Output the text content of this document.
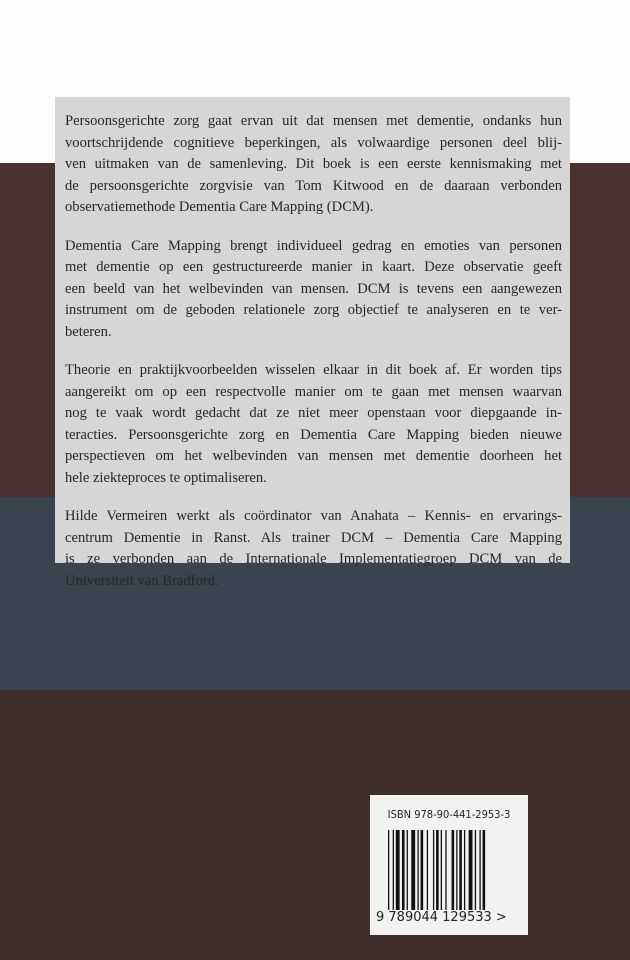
Persoonsgerichte zorg gaat ervan uit dat mensen met dementie, ondanks hun
voortschrijdende cognitieve beperkingen, als volwaardige personen deel blij-
ven uitmaken van de samenleving. Dit boek is een eerste kennismaking met
de persoonsgerichte zorgvisie van Tom Kitwood en de daaraan verbonden
observatiemethode Dementia Care Mapping (DCM).
Dementia Care Mapping brengt individueel gedrag en emoties van personen
met dementie op een gestructureerde manier in kaart. Deze observatie geeft
een beeld van het welbevinden van mensen. DCM is tevens een aangewezen
instrument om de geboden relationele zorg objectief te analyseren en te ver-
beteren.
Theorie en praktijkvoorbeelden wisselen elkaar in dit boek af. Er worden tips
aangereikt om op een respectvolle manier om te gaan met mensen waarvan
nog te vaak wordt gedacht dat ze niet meer openstaan voor diepgaande in-
teracties. Persoonsgerichte zorg en Dementia Care Mapping bieden nieuwe
perspectieven om het welbevinden van mensen met dementie doorheen het
hele ziekteproces te optimaliseren.
Hilde Vermeiren werkt als coördinator van Anahata – Kennis- en ervarings-
centrum Dementie in Ranst. Als trainer DCM – Dementia Care Mapping
is ze verbonden aan de Internationale Implementatiegroep DCM van de
Universiteit van Bradford.
ISBN 978-90-441-2953-3
9 789044 129533 >
